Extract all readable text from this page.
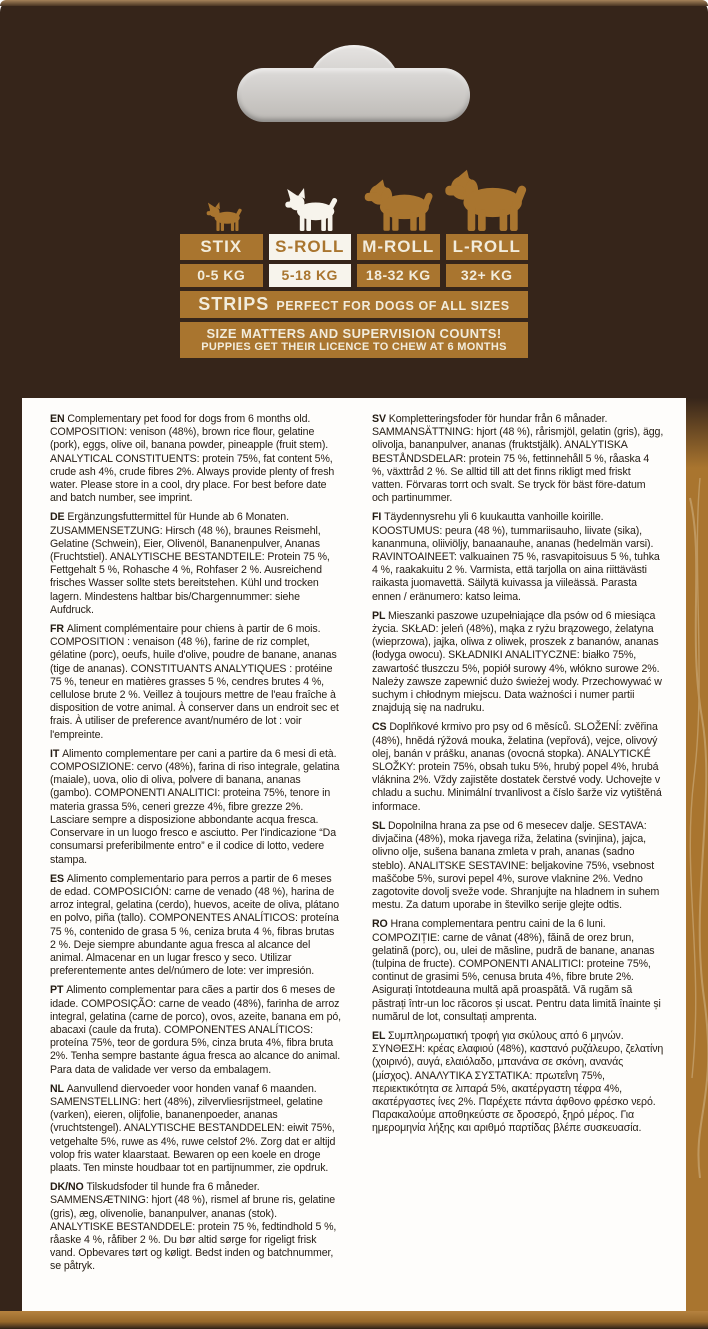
STIX	S-ROLL	M-ROLL	L-ROLL
0-5 KG	5-18 KG	18-32 KG	32+ KG
STRIPS PERFECT FOR DOGS OF ALL SIZES
SIZE MATTERS AND SUPERVISION COUNTS!
PUPPIES GET THEIR LICENCE TO CHEW AT 6 MONTHS

EN Complementary pet food for dogs from 6 months old. COMPOSITION: venison (48%), brown rice flour, gelatine (pork), eggs, olive oil, banana powder, pineapple (fruit stem). ANALYTICAL CONSTITUENTS: protein 75%, fat content 5%, crude ash 4%, crude fibres 2%. Always provide plenty of fresh water. Please store in a cool, dry place. For best before date and batch number, see imprint.

DE Ergänzungsfuttermittel für Hunde ab 6 Monaten. ZUSAMMENSETZUNG: Hirsch (48 %), braunes Reismehl, Gelatine (Schwein), Eier, Olivenöl, Bananenpulver, Ananas (Fruchtstiel). ANALYTISCHE BESTANDTEILE: Protein 75 %, Fettgehalt 5 %, Rohasche 4 %, Rohfaser 2 %. Ausreichend frisches Wasser sollte stets bereitstehen. Kühl und trocken lagern. Mindestens haltbar bis/Chargennummer: siehe Aufdruck.

FR Aliment complémentaire pour chiens à partir de 6 mois. COMPOSITION : venaison (48 %), farine de riz complet, gélatine (porc), oeufs, huile d'olive, poudre de banane, ananas (tige de ananas). CONSTITUANTS ANALYTIQUES : protéine 75 %, teneur en matières grasses 5 %, cendres brutes 4 %, cellulose brute 2 %. Veillez à toujours mettre de l'eau fraîche à disposition de votre animal. À conserver dans un endroit sec et frais. À utiliser de preference avant/numéro de lot : voir l'empreinte.

IT Alimento complementare per cani a partire da 6 mesi di età. COMPOSIZIONE: cervo (48%), farina di riso integrale, gelatina (maiale), uova, olio di oliva, polvere di banana, ananas (gambo). COMPONENTI ANALITICI: proteina 75%, tenore in materia grassa 5%, ceneri grezze 4%, fibre grezze 2%. Lasciare sempre a disposizione abbondante acqua fresca. Conservare in un luogo fresco e asciutto. Per l'indicazione “Da consumarsi preferibilmente entro” e il codice di lotto, vedere stampa.

ES Alimento complementario para perros a partir de 6 meses de edad. COMPOSICIÓN: carne de venado (48 %), harina de arroz integral, gelatina (cerdo), huevos, aceite de oliva, plátano en polvo, piña (tallo). COMPONENTES ANALÍTICOS: proteína 75 %, contenido de grasa 5 %, ceniza bruta 4 %, fibras brutas 2 %. Deje siempre abundante agua fresca al alcance del animal. Almacenar en un lugar fresco y seco. Utilizar preferentemente antes del/número de lote: ver impresión.

PT Alimento complementar para cães a partir dos 6 meses de idade. COMPOSIÇÃO: carne de veado (48%), farinha de arroz integral, gelatina (carne de porco), ovos, azeite, banana em pó, abacaxi (caule da fruta). COMPONENTES ANALÍTICOS: proteína 75%, teor de gordura 5%, cinza bruta 4%, fibra bruta 2%. Tenha sempre bastante água fresca ao alcance do animal. Para data de validade ver verso da embalagem.

NL Aanvullend diervoeder voor honden vanaf 6 maanden. SAMENSTELLING: hert (48%), zilvervliesrijstmeel, gelatine (varken), eieren, olijfolie, bananenpoeder, ananas (vruchtstengel). ANALYTISCHE BESTANDDELEN: eiwit 75%, vetgehalte 5%, ruwe as 4%, ruwe celstof 2%. Zorg dat er altijd volop fris water klaarstaat. Bewaren op een koele en droge plaats. Ten minste houdbaar tot en partijnummer, zie opdruk.

DK/NO Tilskudsfoder til hunde fra 6 måneder. SAMMENSÆTNING: hjort (48 %), rismel af brune ris, gelatine (gris), æg, olivenolie, bananpulver, ananas (stok). ANALYTISKE BESTANDDELE: protein 75 %, fedtindhold 5 %, råaske 4 %, råfiber 2 %. Du bør altid sørge for rigeligt frisk vand. Opbevares tørt og køligt. Bedst inden og batchnummer, se påtryk.

SV Kompletteringsfoder för hundar från 6 månader. SAMMANSÄTTNING: hjort (48 %), rårismjöl, gelatin (gris), ägg, olivolja, bananpulver, ananas (fruktstjälk). ANALYTISKA BESTÅNDSDELAR: protein 75 %, fettinnehåll 5 %, råaska 4 %, växttråd 2 %. Se alltid till att det finns rikligt med friskt vatten. Förvaras torrt och svalt. Se tryck för bäst före-datum och partinummer.

FI Täydennysrehu yli 6 kuukautta vanhoille koirille. KOOSTUMUS: peura (48 %), tummariisauho, liivate (sika), kananmuna, oliiviöljy, banaanauhe, ananas (hedelmän varsi). RAVINTOAINEET: valkuainen 75 %, rasvapitoisuus 5 %, tuhka 4 %, raakakuitu 2 %. Varmista, että tarjolla on aina riittävästi raikasta juomavettä. Säilytä kuivassa ja viileässä. Parasta ennen / eränumero: katso leima.

PL Mieszanki paszowe uzupełniające dla psów od 6 miesiąca życia. SKŁAD: jeleń (48%), mąka z ryżu brązowego, żelatyna (wieprzowa), jajka, oliwa z oliwek, proszek z bananów, ananas (łodyga owocu). SKŁADNIKI ANALITYCZNE: białko 75%, zawartość tłuszczu 5%, popiół surowy 4%, włókno surowe 2%. Należy zawsze zapewnić dużo świeżej wody. Przechowywać w suchym i chłodnym miejscu. Data ważności i numer partii znajdują się na nadruku.

CS Doplňkové krmivo pro psy od 6 měsíců. SLOŽENÍ: zvěřina (48%), hnědá rýžová mouka, želatina (vepřová), vejce, olivový olej, banán v prášku, ananas (ovocná stopka). ANALYTICKÉ SLOŽKY: protein 75%, obsah tuku 5%, hrubý popel 4%, hrubá vláknina 2%. Vždy zajistěte dostatek čerstvé vody. Uchovejte v chladu a suchu. Minimální trvanlivost a číslo šarže viz vytištěná informace.

SL Dopolnilna hrana za pse od 6 mesecev dalje. SESTAVA: divjačina (48%), moka rjavega riža, želatina (svinjina), jajca, olivno olje, sušena banana zmleta v prah, ananas (sadno steblo). ANALITSKE SESTAVINE: beljakovine 75%, vsebnost maščobe 5%, surovi pepel 4%, surove vlaknine 2%. Vedno zagotovite dovolj sveže vode. Shranjujte na hladnem in suhem mestu. Za datum uporabe in številko serije glejte odtis.

RO Hrana complementara pentru caini de la 6 luni. COMPOZIȚIE: carne de vânat (48%), făină de orez brun, gelatină (porc), ou, ulei de măsline, pudră de banane, ananas (tulpina de fructe). COMPONENTI ANALITICI: proteine 75%, continut de grasimi 5%, cenusa bruta 4%, fibre brute 2%. Asigurați întotdeauna multă apă proaspătă. Vă rugăm să păstrați într-un loc răcoros și uscat. Pentru data limită înainte și numărul de lot, consultați amprenta.

EL Συμπληρωματική τροφή για σκύλους από 6 μηνών. ΣΥΝΘΕΣΗ: κρέας ελαφιού (48%), καστανό ρυζάλευρο, ζελατίνη (χοιρινό), αυγά, ελαιόλαδο, μπανάνα σε σκόνη, ανανάς (μίσχος). ΑΝΑΛΥΤΙΚΑ ΣΥΣΤΑΤΙΚΑ: πρωτεΐνη 75%, περιεκτικότητα σε λιπαρά 5%, ακατέργαστη τέφρα 4%, ακατέργαστες ίνες 2%. Παρέχετε πάντα άφθονο φρέσκο νερό. Παρακαλούμε αποθηκεύστε σε δροσερό, ξηρό μέρος. Για ημερομηνία λήξης και αριθμό παρτίδας βλέπε συσκευασία.
